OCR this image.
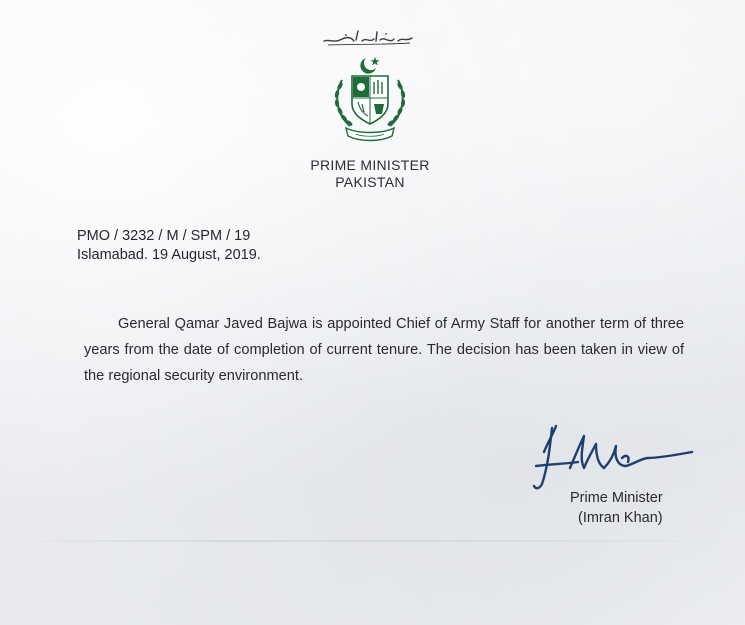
PRIME MINISTER
PAKISTAN
PMO / 3232 / M / SPM / 19
Islamabad. 19 August, 2019.
General Qamar Javed Bajwa is appointed Chief of Army Staff for another term of three years from the date of completion of current tenure. The decision has been taken in view of the regional security environment.
Prime Minister
(Imran Khan)
